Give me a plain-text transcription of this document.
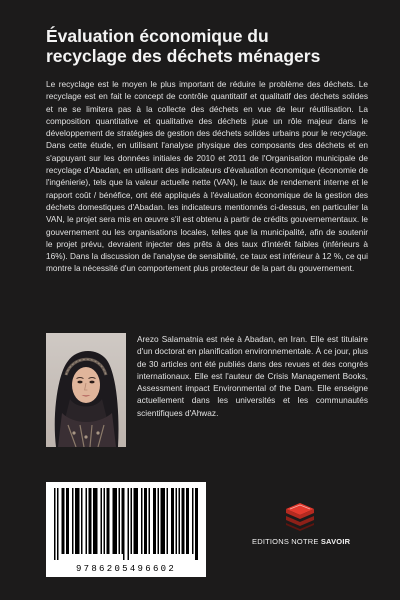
Évaluation économique du
recyclage des déchets ménagers

Le recyclage est le moyen le plus important de réduire le problème des déchets. Le recyclage est en fait le concept de contrôle quantitatif et qualitatif des déchets solides et ne se limitera pas à la collecte des déchets en vue de leur réutilisation. La composition quantitative et qualitative des déchets joue un rôle majeur dans le développement de stratégies de gestion des déchets solides urbains pour le recyclage. Dans cette étude, en utilisant l'analyse physique des composants des déchets et en s'appuyant sur les données initiales de 2010 et 2011 de l'Organisation municipale de recyclage d'Abadan, en utilisant des indicateurs d'évaluation économique (économie de l'ingénierie), tels que la valeur actuelle nette (VAN), le taux de rendement interne et le rapport coût / bénéfice, ont été appliqués à l'évaluation économique de la gestion des déchets domestiques d'Abadan. les indicateurs mentionnés ci-dessus, en particulier la VAN, le projet sera mis en œuvre s'il est obtenu à partir de crédits gouvernementaux. le gouvernement ou les organisations locales, telles que la municipalité, afin de soutenir le projet prévu, devraient injecter des prêts à des taux d'intérêt faibles (inférieurs à 16%). Dans la discussion de l'analyse de sensibilité, ce taux est inférieur à 12 %, ce qui montre la nécessité d'un comportement plus protecteur de la part du gouvernement.

Arezo Salamatnia est née à Abadan, en Iran. Elle est titulaire d'un doctorat en planification environnementale. À ce jour, plus de 30 articles ont été publiés dans des revues et des congrès internationaux. Elle est l'auteur de Crisis Management Books, Assessment impact Environmental of the Dam. Elle enseigne actuellement dans les universités et les communautés scientifiques d'Ahwaz.

9786205496602
EDITIONS NOTRE SAVOIR
